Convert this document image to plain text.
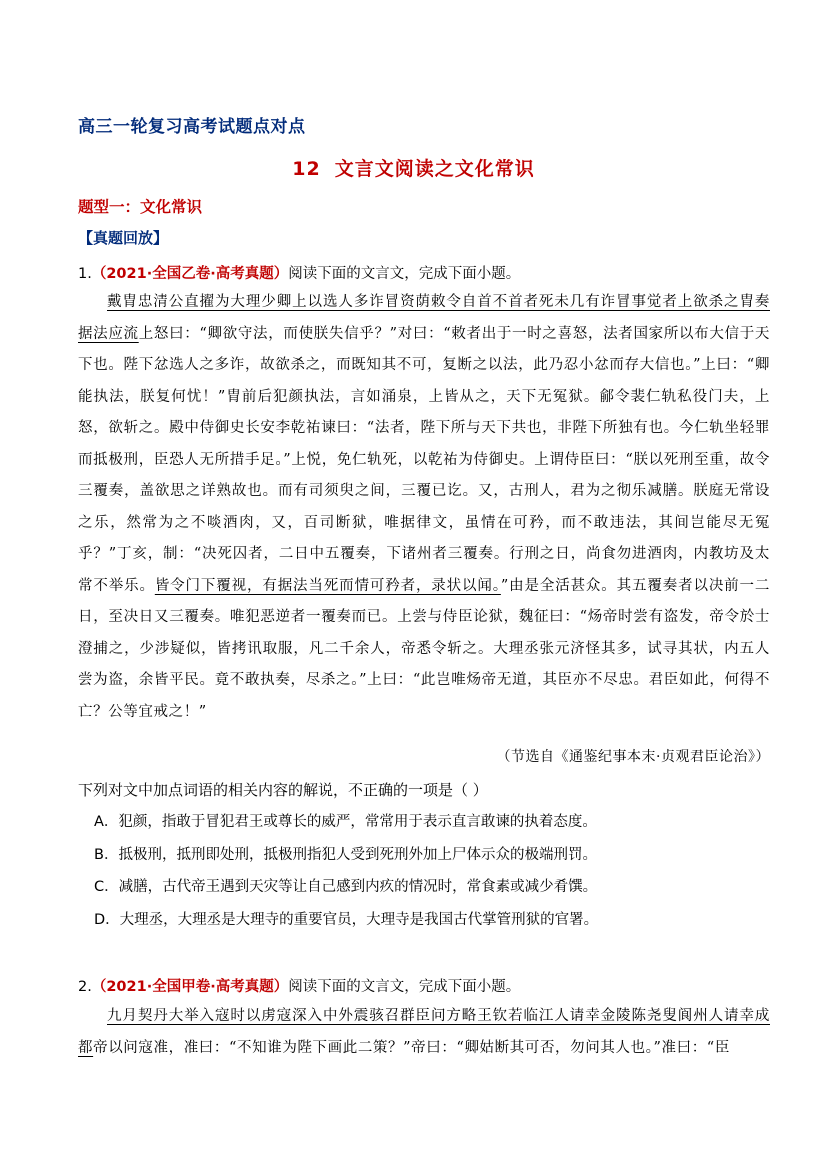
高三一轮复习高考试题点对点
12 文言文阅读之文化常识
题型一：文化常识
【真题回放】
1.（2021·全国乙卷·高考真题）阅读下面的文言文，完成下面小题。

戴胄忠清公直擢为大理少卿上以选人多诈冒资荫敕令自首不首者死未几有诈冒事觉者上欲杀之胄奏据法应流上怒曰：“卿欲守法，而使朕失信乎？”对曰：“敕者出于一时之喜怒，法者国家所以布大信于天下也。陛下忿选人之多诈，故欲杀之，而既知其不可，复断之以法，此乃忍小忿而存大信也。”上曰：“卿能执法，朕复何忧！”胄前后犯颜执法，言如涌泉，上皆从之，天下无冤狱。鄃令裴仁轨私役门夫，上怒，欲斩之。殿中侍御史长安李乾祐谏曰：“法者，陛下所与天下共也，非陛下所独有也。今仁轨坐轻罪而抵极刑，臣恐人无所措手足。”上悦，免仁轨死，以乾祐为侍御史。上谓侍臣曰：“朕以死刑至重，故令三覆奏，盖欲思之详熟故也。而有司须臾之间，三覆已讫。又，古刑人，君为之彻乐减膳。朕庭无常设之乐，然常为之不啖酒肉，又，百司断狱，唯据律文，虽情在可矜，而不敢违法，其间岂能尽无冤乎？”丁亥，制：“决死囚者，二日中五覆奏，下诸州者三覆奏。行刑之日，尚食勿进酒肉，内教坊及太常不举乐。皆令门下覆视，有据法当死而情可矜者，录状以闻。”由是全活甚众。其五覆奏者以决前一二日，至决日又三覆奏。唯犯恶逆者一覆奏而已。上尝与侍臣论狱，魏征曰：“炀帝时尝有盗发，帝令於士澄捕之，少涉疑似，皆拷讯取服，凡二千余人，帝悉令斩之。大理丞张元济怪其多，试寻其状，内五人尝为盗，余皆平民。竟不敢执奏，尽杀之。”上曰：“此岂唯炀帝无道，其臣亦不尽忠。君臣如此，何得不亡？公等宜戒之！”

（节选自《通鉴纪事本末·贞观君臣论治》）
下列对文中加点词语的相关内容的解说，不正确的一项是（ ）
A．犯颜，指敢于冒犯君王或尊长的威严，常常用于表示直言敢谏的执着态度。
B．抵极刑，抵刑即处刑，抵极刑指犯人受到死刑外加上尸体示众的极端刑罚。
C．减膳，古代帝王遇到天灾等让自己感到内疚的情况时，常食素或减少肴馔。
D．大理丞，大理丞是大理寺的重要官员，大理寺是我国古代掌管刑狱的官署。
2.（2021·全国甲卷·高考真题）阅读下面的文言文，完成下面小题。

九月契丹大举入寇时以虏寇深入中外震骇召群臣问方略王钦若临江人请幸金陵陈尧叟阆州人请幸成都帝以问寇准，准曰：“不知谁为陛下画此二策？”帝曰：“卿姑断其可否，勿问其人也。”准曰：“臣
